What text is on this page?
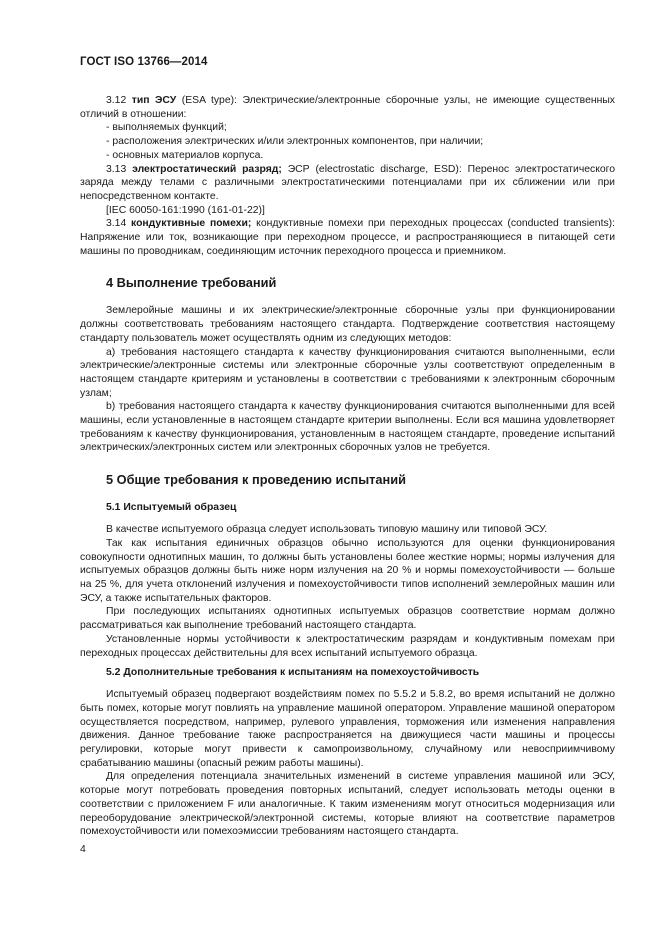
ГОСТ ISO 13766—2014

3.12 тип ЭСУ (ESA type): Электрические/электронные сборочные узлы, не имеющие существенных отличий в отношении:

- выполняемых функций;

- расположения электрических и/или электронных компонентов, при наличии;

- основных материалов корпуса.

3.13 электростатический разряд; ЭСР (electrostatic discharge, ESD): Перенос электростатического заряда между телами с различными электростатическими потенциалами при их сближении или при непосредственном контакте.

[IEC 60050-161:1990 (161-01-22)]

3.14 кондуктивные помехи; кондуктивные помехи при переходных процессах (conducted transients): Напряжение или ток, возникающие при переходном процессе, и распространяющиеся в питающей сети машины по проводникам, соединяющим источник переходного процесса и приемником.

4 Выполнение требований

Землеройные машины и их электрические/электронные сборочные узлы при функционировании должны соответствовать требованиям настоящего стандарта. Подтверждение соответствия настоящему стандарту пользователь может осуществлять одним из следующих методов:

а) требования настоящего стандарта к качеству функционирования считаются выполненными, если электрические/электронные системы или электронные сборочные узлы соответствуют определенным в настоящем стандарте критериям и установлены в соответствии с требованиями к электронным сборочным узлам;

b) требования настоящего стандарта к качеству функционирования считаются выполненными для всей машины, если установленные в настоящем стандарте критерии выполнены. Если вся машина удовлетворяет требованиям к качеству функционирования, установленным в настоящем стандарте, проведение испытаний электрических/электронных систем или электронных сборочных узлов не требуется.

5 Общие требования к проведению испытаний
5.1 Испытуемый образец

В качестве испытуемого образца следует использовать типовую машину или типовой ЭСУ.

Так как испытания единичных образцов обычно используются для оценки функционирования совокупности однотипных машин, то должны быть установлены более жесткие нормы; нормы излучения для испытуемых образцов должны быть ниже норм излучения на 20 % и нормы помехоустойчивости — больше на 25 %, для учета отклонений излучения и помехоустойчивости типов исполнений землеройных машин или ЭСУ, а также испытательных факторов.

При последующих испытаниях однотипных испытуемых образцов соответствие нормам должно рассматриваться как выполнение требований настоящего стандарта.

Установленные нормы устойчивости к электростатическим разрядам и кондуктивным помехам при переходных процессах действительны для всех испытаний испытуемого образца.

5.2 Дополнительные требования к испытаниям на помехоустойчивость

Испытуемый образец подвергают воздействиям помех по 5.5.2 и 5.8.2, во время испытаний не должно быть помех, которые могут повлиять на управление машиной оператором. Управление машиной оператором осуществляется посредством, например, рулевого управления, торможения или изменения направления движения. Данное требование также распространяется на движущиеся части машины и процессы регулировки, которые могут привести к самопроизвольному, случайному или невосприимчивому срабатыванию машины (опасный режим работы машины).

Для определения потенциала значительных изменений в системе управления машиной или ЭСУ, которые могут потребовать проведения повторных испытаний, следует использовать методы оценки в соответствии с приложением F или аналогичные. К таким изменениям могут относиться модернизация или переоборудование электрической/электронной системы, которые влияют на соответствие параметров помехоустойчивости или помехоэмиссии требованиям настоящего стандарта.

4
